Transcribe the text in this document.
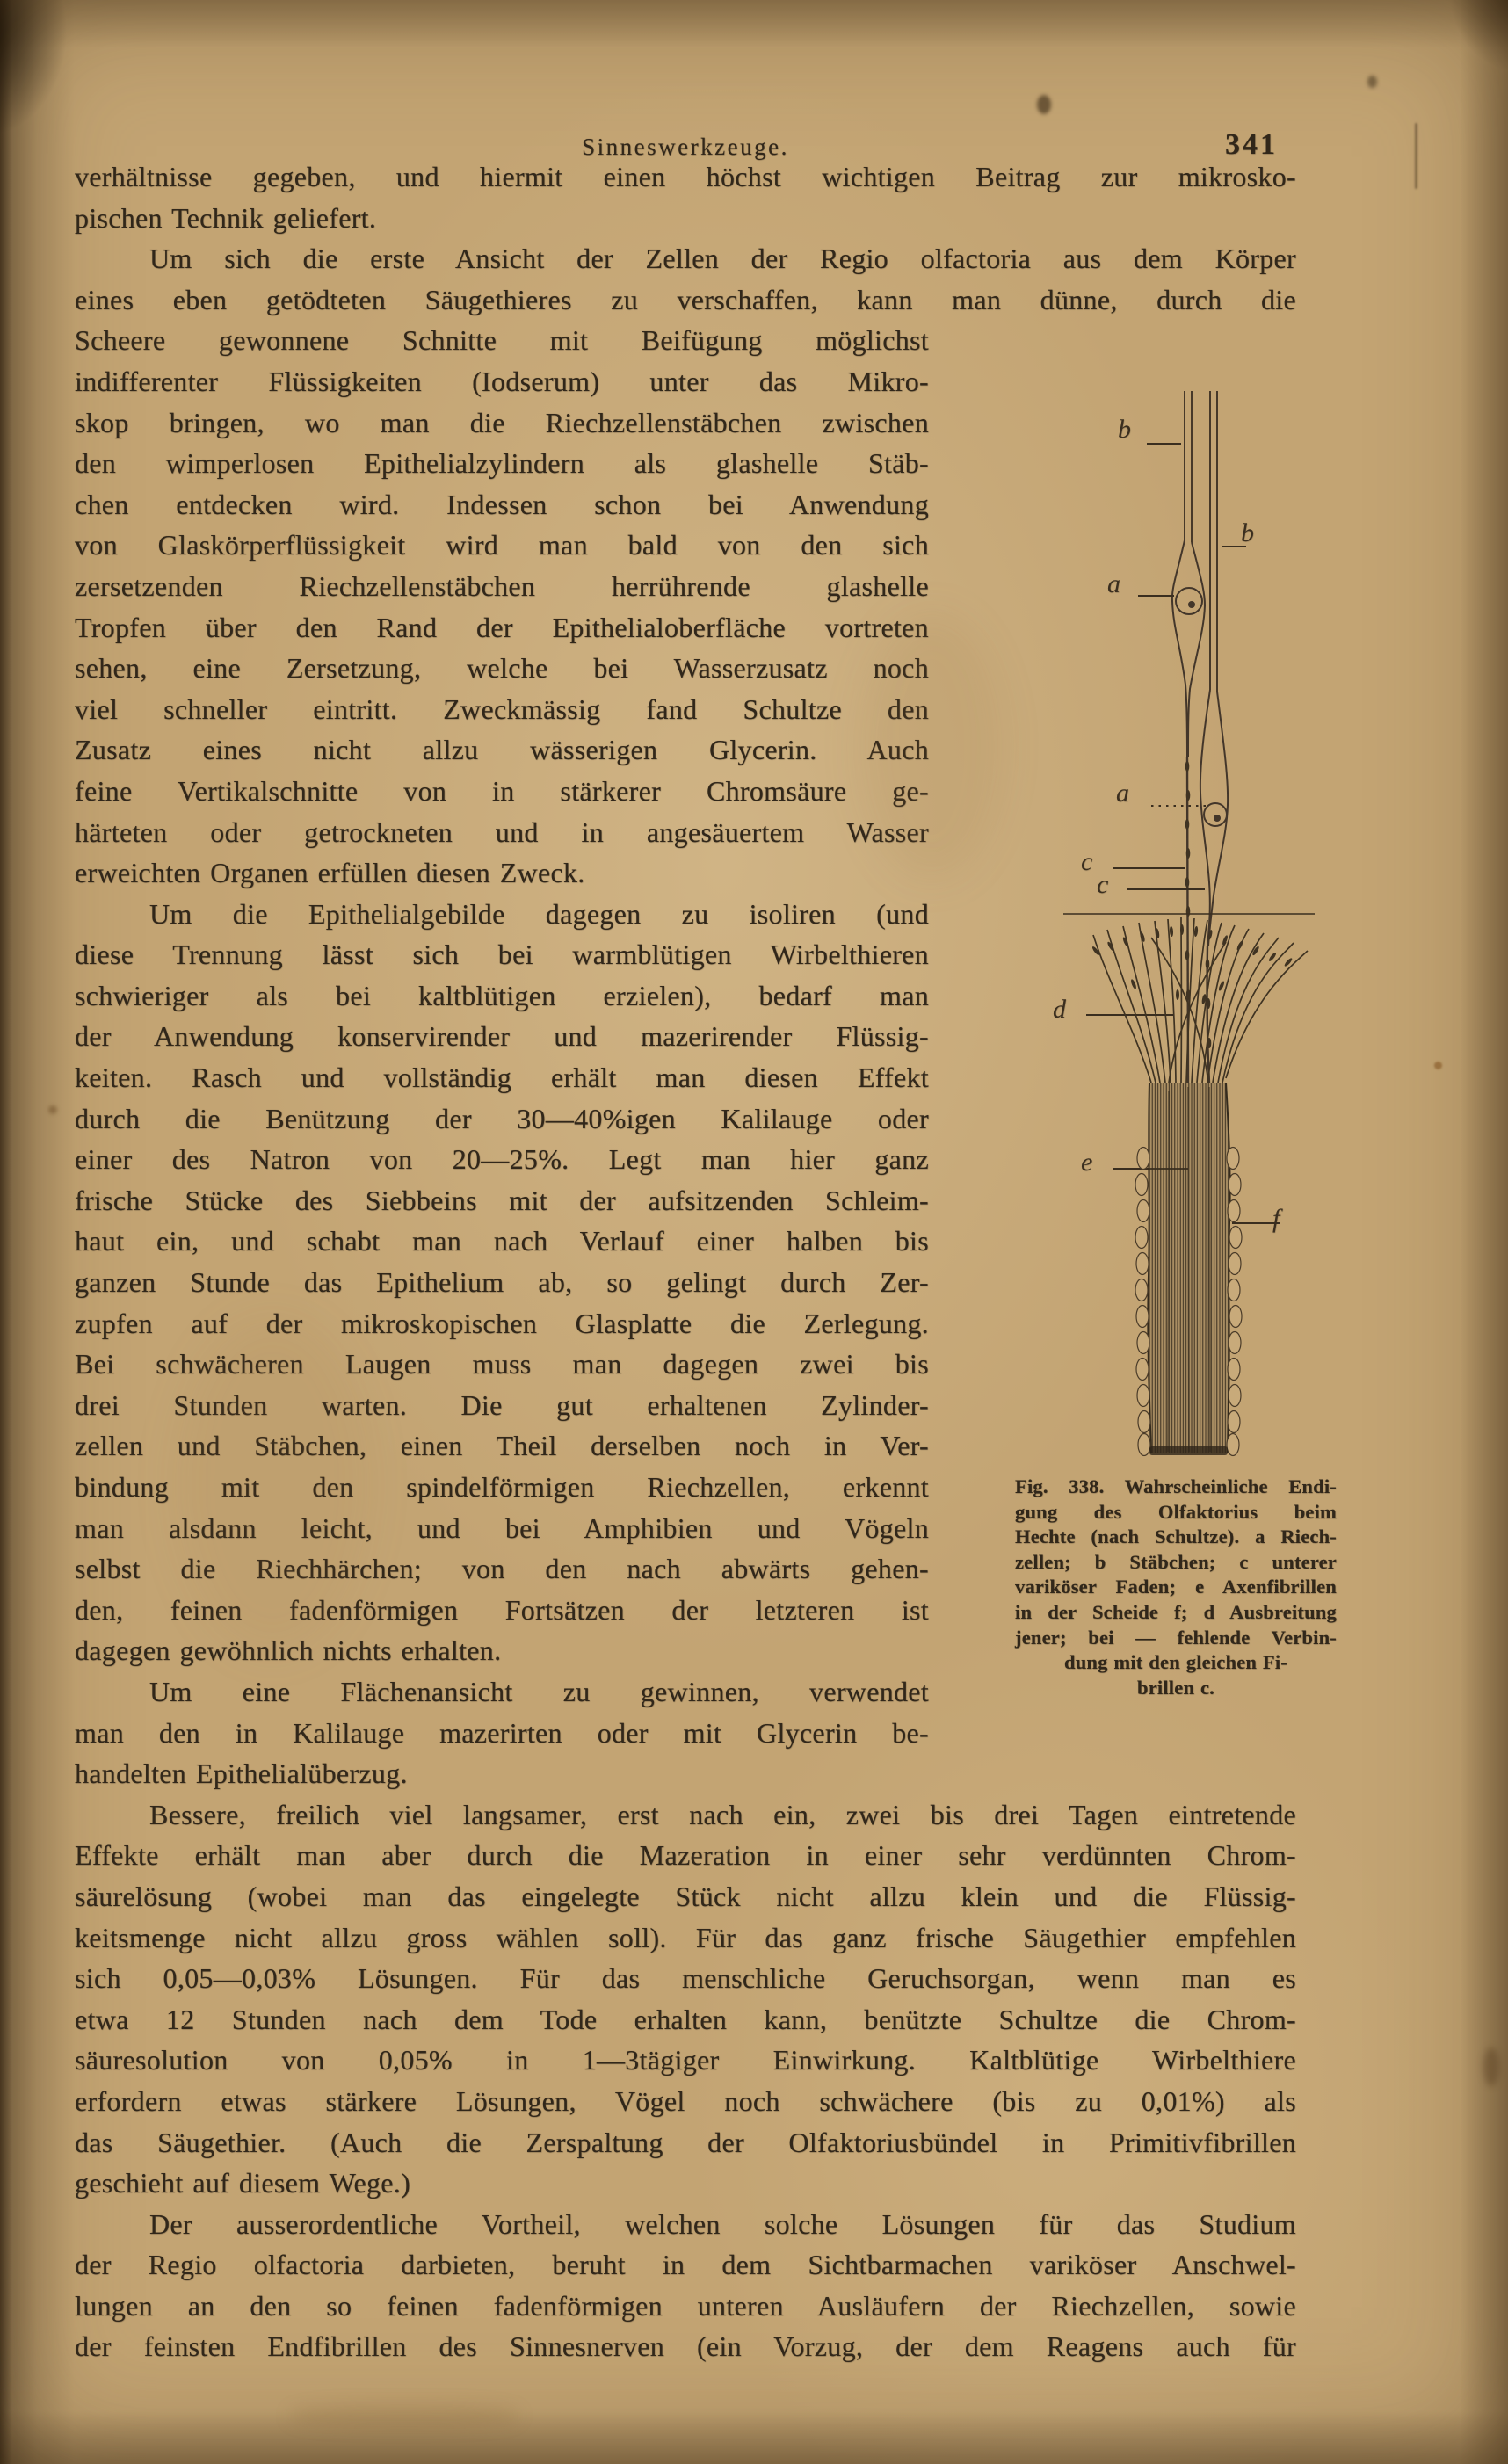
Sinneswerkzeuge.	341
verhältnisse gegeben, und hiermit einen höchst wichtigen Beitrag zur mikrosko-
pischen Technik geliefert.
Um sich die erste Ansicht der Zellen der Regio olfactoria aus dem Körper
eines eben getödteten Säugethieres zu verschaffen, kann man dünne, durch die
Scheere gewonnene Schnitte mit Beifügung möglichst
indifferenter Flüssigkeiten (Iodserum) unter das Mikro-
skop bringen, wo man die Riechzellenstäbchen zwischen
den wimperlosen Epithelialzylindern als glashelle Stäb-
chen entdecken wird. Indessen schon bei Anwendung
von Glaskörperflüssigkeit wird man bald von den sich
zersetzenden Riechzellenstäbchen herrührende glashelle
Tropfen über den Rand der Epithelialoberfläche vortreten
sehen, eine Zersetzung, welche bei Wasserzusatz noch
viel schneller eintritt. Zweckmässig fand Schultze den
Zusatz eines nicht allzu wässerigen Glycerin. Auch
feine Vertikalschnitte von in stärkerer Chromsäure ge-
härteten oder getrockneten und in angesäuertem Wasser
erweichten Organen erfüllen diesen Zweck.
Um die Epithelialgebilde dagegen zu isoliren (und
diese Trennung lässt sich bei warmblütigen Wirbelthieren
schwieriger als bei kaltblütigen erzielen), bedarf man
der Anwendung konservirender und mazerirender Flüssig-
keiten. Rasch und vollständig erhält man diesen Effekt
durch die Benützung der 30—40%igen Kalilauge oder
einer des Natron von 20—25%. Legt man hier ganz
frische Stücke des Siebbeins mit der aufsitzenden Schleim-
haut ein, und schabt man nach Verlauf einer halben bis
ganzen Stunde das Epithelium ab, so gelingt durch Zer-
zupfen auf der mikroskopischen Glasplatte die Zerlegung.
Bei schwächeren Laugen muss man dagegen zwei bis
drei Stunden warten. Die gut erhaltenen Zylinder-
zellen und Stäbchen, einen Theil derselben noch in Ver-
bindung mit den spindelförmigen Riechzellen, erkennt
man alsdann leicht, und bei Amphibien und Vögeln
selbst die Riechhärchen; von den nach abwärts gehen-
den, feinen fadenförmigen Fortsätzen der letzteren ist
dagegen gewöhnlich nichts erhalten.
Um eine Flächenansicht zu gewinnen, verwendet
man den in Kalilauge mazerirten oder mit Glycerin be-
handelten Epithelialüberzug.
Bessere, freilich viel langsamer, erst nach ein, zwei bis drei Tagen eintretende
Effekte erhält man aber durch die Mazeration in einer sehr verdünnten Chrom-
säurelösung (wobei man das eingelegte Stück nicht allzu klein und die Flüssig-
keitsmenge nicht allzu gross wählen soll). Für das ganz frische Säugethier empfehlen
sich 0,05—0,03% Lösungen. Für das menschliche Geruchsorgan, wenn man es
etwa 12 Stunden nach dem Tode erhalten kann, benützte Schultze die Chrom-
säuresolution von 0,05% in 1—3tägiger Einwirkung. Kaltblütige Wirbelthiere
erfordern etwas stärkere Lösungen, Vögel noch schwächere (bis zu 0,01%) als
das Säugethier. (Auch die Zerspaltung der Olfaktoriusbündel in Primitivfibrillen
geschieht auf diesem Wege.)
Der ausserordentliche Vortheil, welchen solche Lösungen für das Studium
der Regio olfactoria darbieten, beruht in dem Sichtbarmachen variköser Anschwel-
lungen an den so feinen fadenförmigen unteren Ausläufern der Riechzellen, sowie
der feinsten Endfibrillen des Sinnesnerven (ein Vorzug, der dem Reagens auch für
b
b
a
a
c
c
d
e
f
Fig. 338. Wahrscheinliche Endi-
gung des Olfaktorius beim
Hechte (nach Schultze). a Riech-
zellen; b Stäbchen; c unterer
variköser Faden; e Axenfibrillen
in der Scheide f; d Ausbreitung
jener; bei — fehlende Verbin-
dung mit den gleichen Fi-
brillen c.
